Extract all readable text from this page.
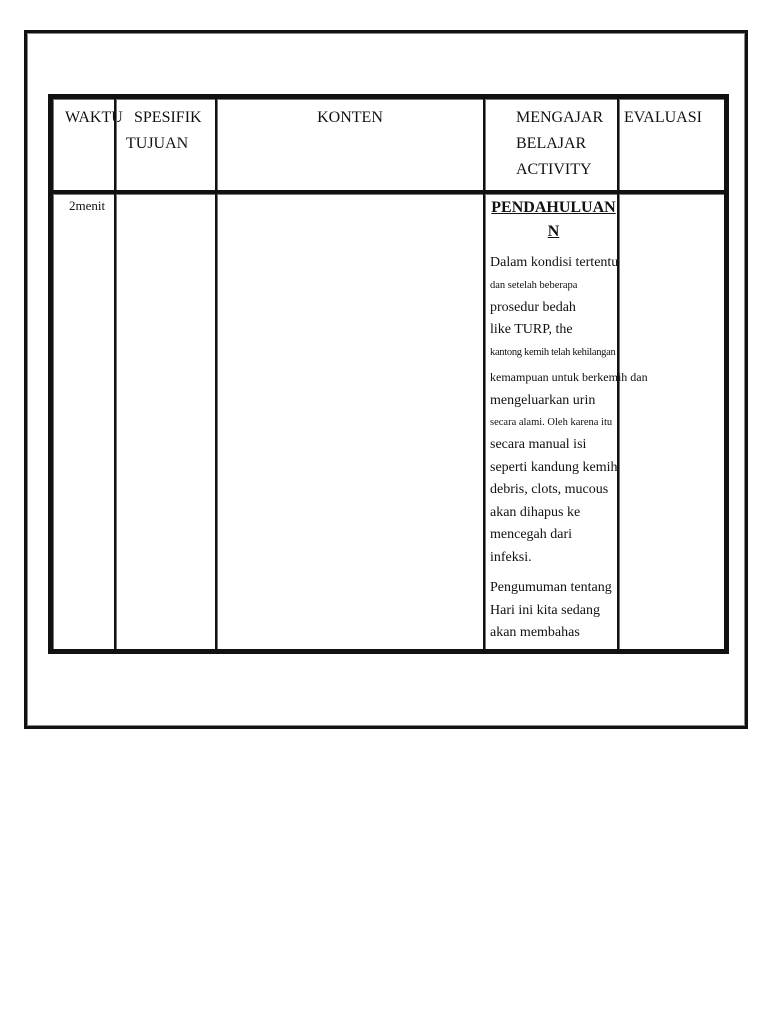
WAKTU SPESIFIK
TUJUAN
KONTEN	MENGAJAR
BELAJAR
ACTIVITY
EVALUASI
2menit	PENDAHULUAN
N
Dalam kondisi tertentu
dan setelah beberapa
prosedur bedah
like TURP, the
kantong kemih telah kehilangan
kemampuan untuk berkemih dan
mengeluarkan urin
secara alami. Oleh karena itu
secara manual isi
seperti kandung kemih
debris, clots, mucous
akan dihapus ke
mencegah dari
infeksi.
Pengumuman tentang
Hari ini kita sedang
akan membahas
